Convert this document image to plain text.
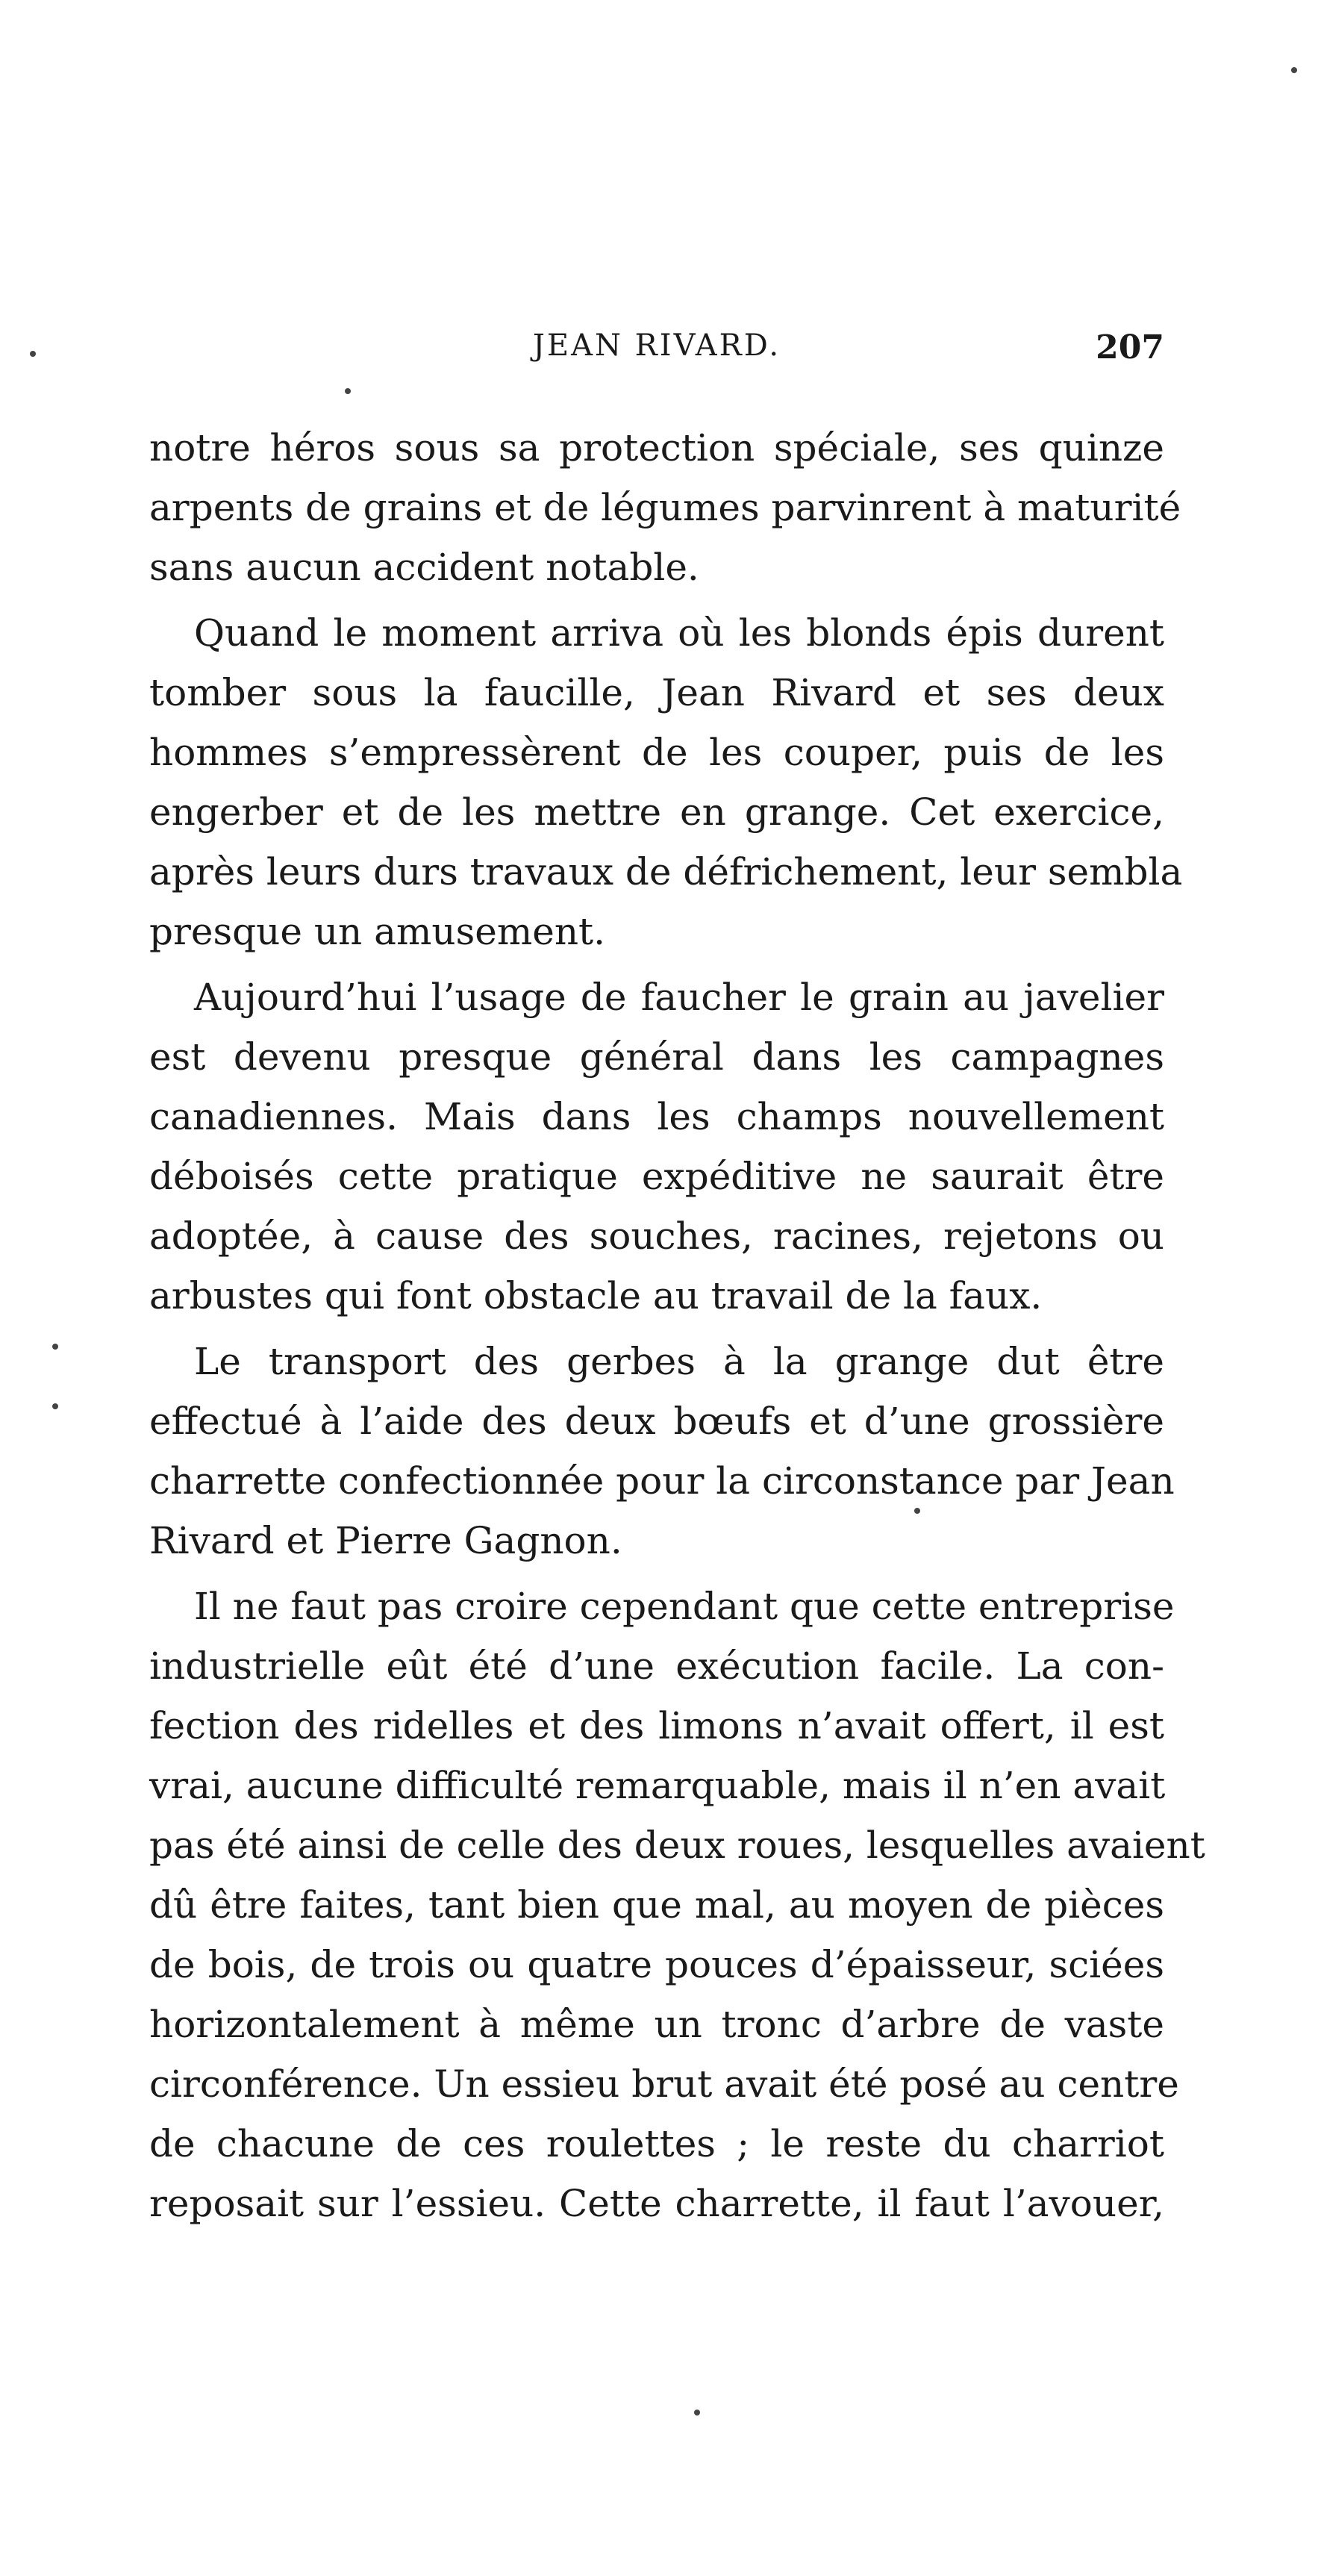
JEAN RIVARD.	207
notre héros sous sa protection spéciale, ses quinze
arpents de grains et de légumes parvinrent à maturité
sans aucun accident notable.
Quand le moment arriva où les blonds épis durent
tomber sous la faucille, Jean Rivard et ses deux
hommes s’empressèrent de les couper, puis de les
engerber et de les mettre en grange. Cet exercice,
après leurs durs travaux de défrichement, leur sembla
presque un amusement.
Aujourd’hui l’usage de faucher le grain au javelier
est devenu presque général dans les campagnes
canadiennes. Mais dans les champs nouvellement
déboisés cette pratique expéditive ne saurait être
adoptée, à cause des souches, racines, rejetons ou
arbustes qui font obstacle au travail de la faux.
Le transport des gerbes à la grange dut être
effectué à l’aide des deux bœufs et d’une grossière
charrette confectionnée pour la circonstance par Jean
Rivard et Pierre Gagnon.
Il ne faut pas croire cependant que cette entreprise
industrielle eût été d’une exécution facile. La con-
fection des ridelles et des limons n’avait offert, il est
vrai, aucune difficulté remarquable, mais il n’en avait
pas été ainsi de celle des deux roues, lesquelles avaient
dû être faites, tant bien que mal, au moyen de pièces
de bois, de trois ou quatre pouces d’épaisseur, sciées
horizontalement à même un tronc d’arbre de vaste
circonférence. Un essieu brut avait été posé au centre
de chacune de ces roulettes ; le reste du charriot
reposait sur l’essieu. Cette charrette, il faut l’avouer,
